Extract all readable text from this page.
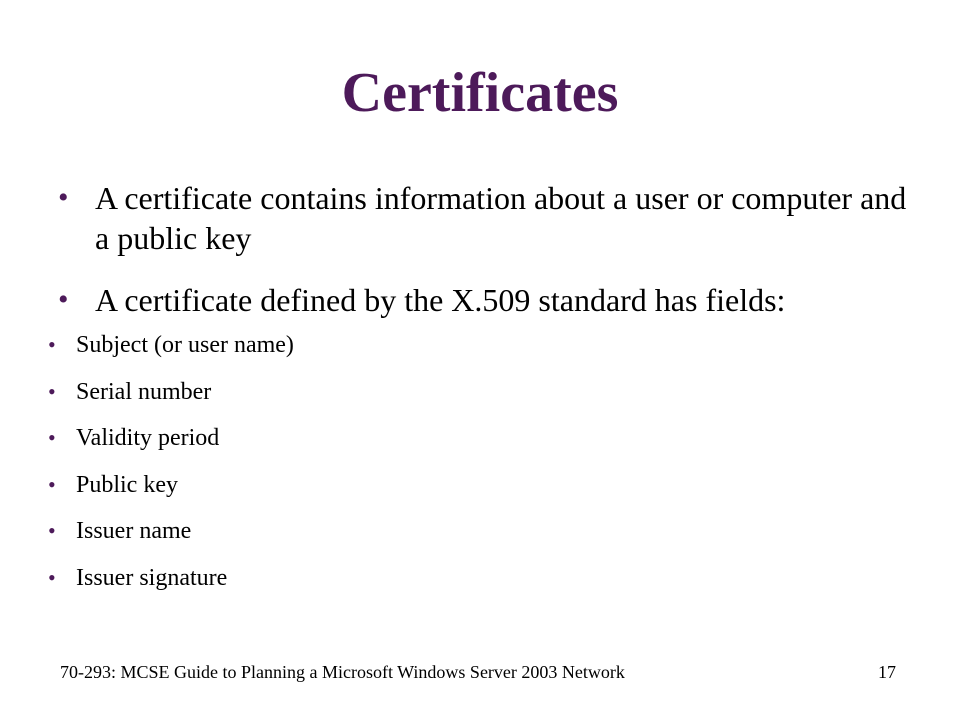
Certificates
• A certificate contains information about a user or computer and a public key
• A certificate defined by the X.509 standard has fields:
• Subject (or user name)
• Serial number
• Validity period
• Public key
• Issuer name
• Issuer signature
70-293: MCSE Guide to Planning a Microsoft Windows Server 2003 Network	17
